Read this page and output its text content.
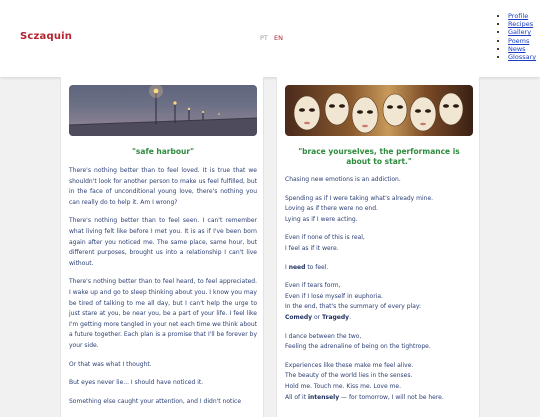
Sczaquin	PT EN
• Profile
• Recipes
• Gallery
• Poems
• News
• Glossary
"safe harbour"

There's nothing better than to feel loved. It is true that we shouldn't look for another person to make us feel fulfilled, but in the face of unconditional young love, there's nothing you can really do to help it. Am I wrong?

There's nothing better than to feel seen. I can't remember what living felt like before I met you. It is as if I've been born again after you noticed me. The same place, same hour, but different purposes, brought us into a relationship I can't live without.

There's nothing better than to feel heard, to feel appreciated. I wake up and go to sleep thinking about you. I know you may be tired of talking to me all day, but I can't help the urge to just stare at you, be near you, be a part of your life. I feel like I'm getting more tangled in your net each time we think about a future together. Each plan is a promise that I'll be forever by your side.

Or that was what I thought.

But eyes never lie... I should have noticed it.

Something else caught your attention, and I didn't notice

"brace yourselves, the performance is about to start."

Chasing new emotions is an addiction.

Spending as if I were taking what's already mine.
Loving as if there were no end.
Lying as if I were acting.

Even if none of this is real,
I feel as if it were.

I need to feel.

Even if tears form,
Even if I lose myself in euphoria.
In the end, that's the summary of every play:
Comedy or Tragedy.

I dance between the two,
Feeling the adrenaline of being on the tightrope.

Experiences like these make me feel alive.
The beauty of the world lies in the senses.
Hold me. Touch me. Kiss me. Love me.
All of it intensely — for tomorrow, I will not be here.
